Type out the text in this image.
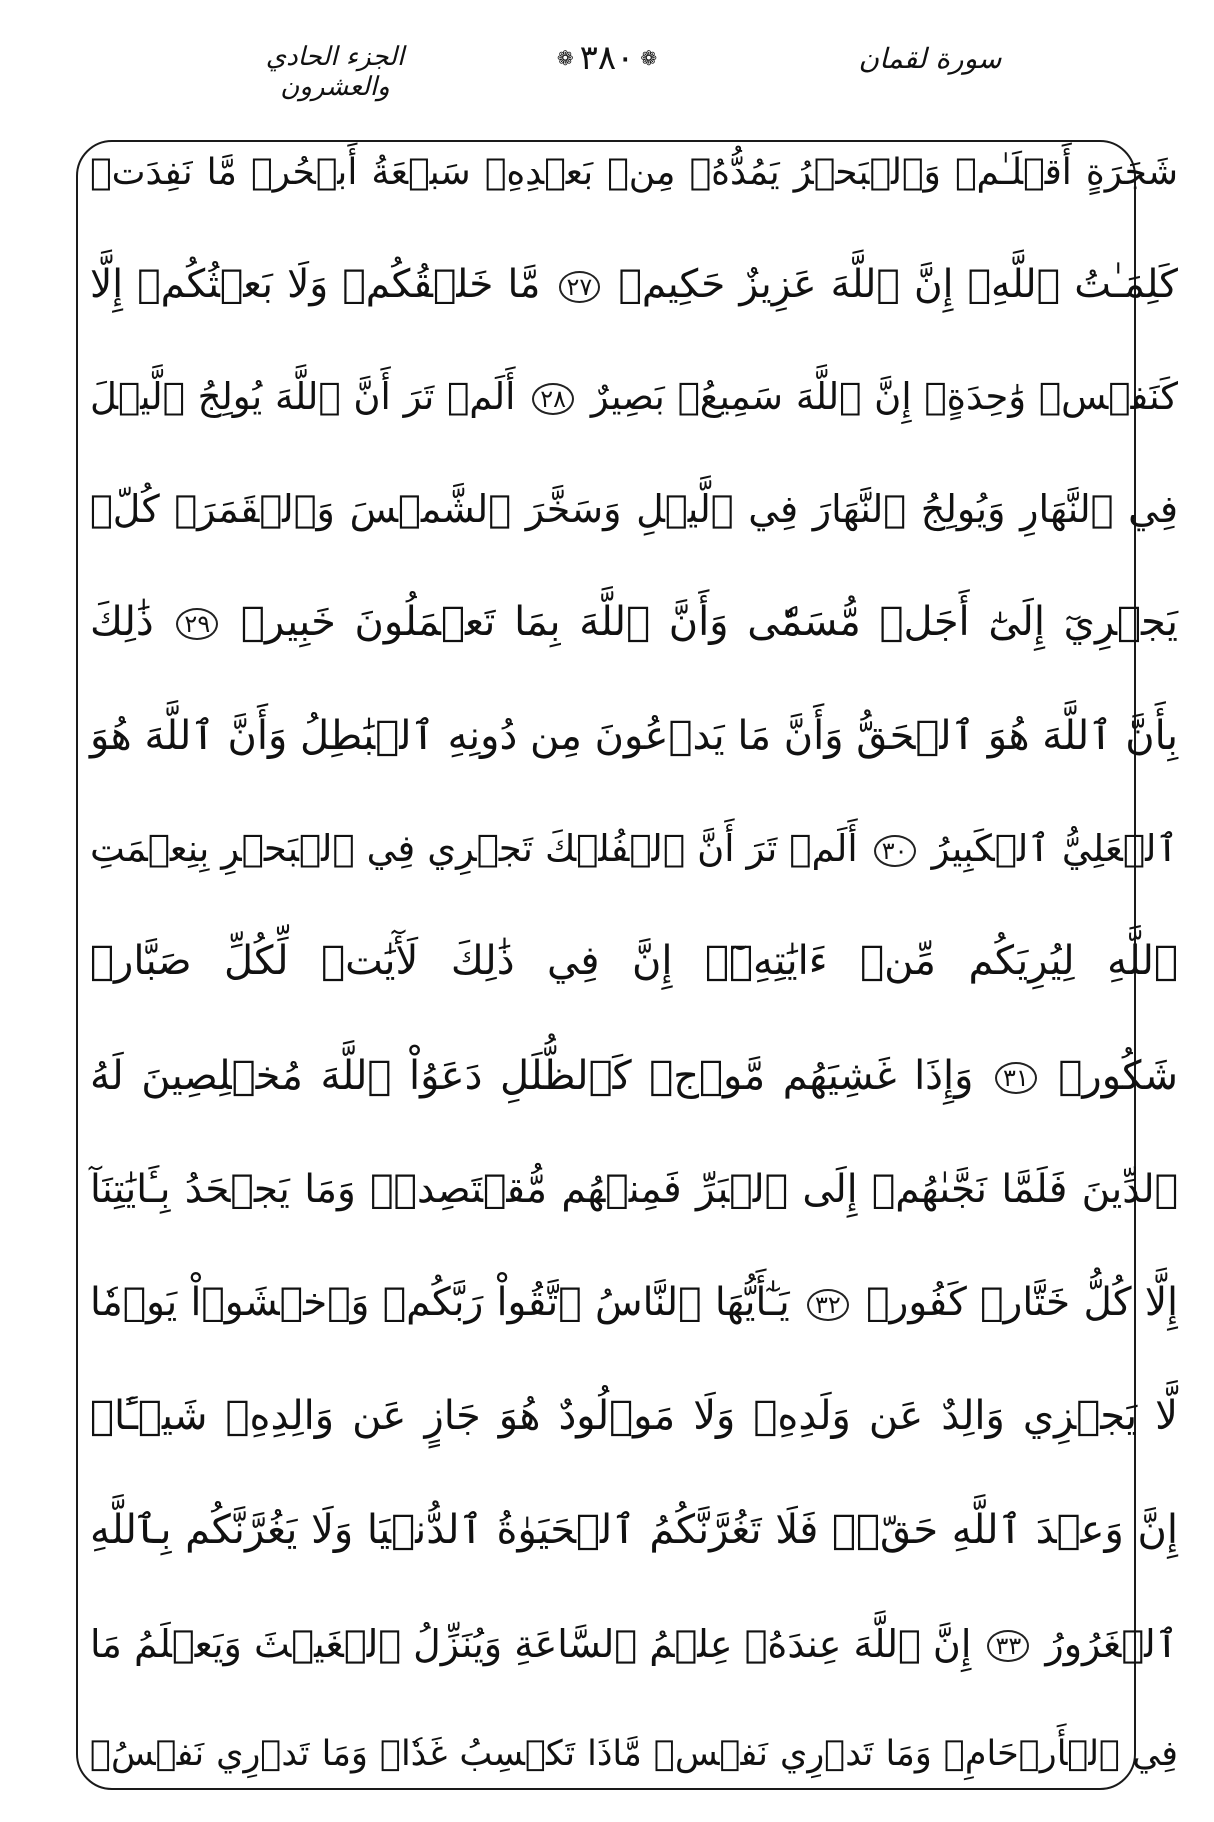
الجزء الحادي والعشرون
❁
٣٨٠
❁	سورة لقمان
شَجَرَةٍ أَقۡلَـٰمٞ وَٱلۡبَحۡرُ يَمُدُّهُۥ مِنۢ بَعۡدِهِۦ سَبۡعَةُ أَبۡحُرٖ مَّا نَفِدَتۡ
كَلِمَـٰتُ ٱللَّهِۚ إِنَّ ٱللَّهَ عَزِيزٌ حَكِيمٞ ٢٧ مَّا خَلۡقُكُمۡ وَلَا بَعۡثُكُمۡ إِلَّا
كَنَفۡسٖ وَٰحِدَةٍۚ إِنَّ ٱللَّهَ سَمِيعُۢ بَصِيرٌ ٢٨ أَلَمۡ تَرَ أَنَّ ٱللَّهَ يُولِجُ ٱلَّيۡلَ
فِي ٱلنَّهَارِ وَيُولِجُ ٱلنَّهَارَ فِي ٱلَّيۡلِ وَسَخَّرَ ٱلشَّمۡسَ وَٱلۡقَمَرَۖ كُلّٞ
يَجۡرِيٓ إِلَىٰٓ أَجَلٖ مُّسَمّٗى وَأَنَّ ٱللَّهَ بِمَا تَعۡمَلُونَ خَبِيرٞ ٢٩ ذَٰلِكَ
بِأَنَّ ٱللَّهَ هُوَ ٱلۡحَقُّ وَأَنَّ مَا يَدۡعُونَ مِن دُونِهِ ٱلۡبَٰطِلُ وَأَنَّ ٱللَّهَ هُوَ
ٱلۡعَلِيُّ ٱلۡكَبِيرُ ٣٠ أَلَمۡ تَرَ أَنَّ ٱلۡفُلۡكَ تَجۡرِي فِي ٱلۡبَحۡرِ بِنِعۡمَتِ
ٱللَّهِ لِيُرِيَكُم مِّنۡ ءَايَٰتِهِۦٓۚ إِنَّ فِي ذَٰلِكَ لَأٓيَٰتٖ لِّكُلِّ صَبَّارٖ
شَكُورٖ ٣١ وَإِذَا غَشِيَهُم مَّوۡجٞ كَٱلظُّلَلِ دَعَوُاْ ٱللَّهَ مُخۡلِصِينَ لَهُ
ٱلدِّينَ فَلَمَّا نَجَّىٰهُمۡ إِلَى ٱلۡبَرِّ فَمِنۡهُم مُّقۡتَصِدٞۚ وَمَا يَجۡحَدُ بِـَٔايَٰتِنَآ
إِلَّا كُلُّ خَتَّارٖ كَفُورٖ ٣٢ يَـٰٓأَيُّهَا ٱلنَّاسُ ٱتَّقُواْ رَبَّكُمۡ وَٱخۡشَوۡاْ يَوۡمٗا
لَّا يَجۡزِي وَالِدٌ عَن وَلَدِهِۦ وَلَا مَوۡلُودٌ هُوَ جَازٍ عَن وَالِدِهِۦ شَيۡـًٔاۚ
إِنَّ وَعۡدَ ٱللَّهِ حَقّٞۖ فَلَا تَغُرَّنَّكُمُ ٱلۡحَيَوٰةُ ٱلدُّنۡيَا وَلَا يَغُرَّنَّكُم بِٱللَّهِ
ٱلۡغَرُورُ ٣٣ إِنَّ ٱللَّهَ عِندَهُۥ عِلۡمُ ٱلسَّاعَةِ وَيُنَزِّلُ ٱلۡغَيۡثَ وَيَعۡلَمُ مَا
فِي ٱلۡأَرۡحَامِۖ وَمَا تَدۡرِي نَفۡسٞ مَّاذَا تَكۡسِبُ غَدٗاۖ وَمَا تَدۡرِي نَفۡسُۢ
